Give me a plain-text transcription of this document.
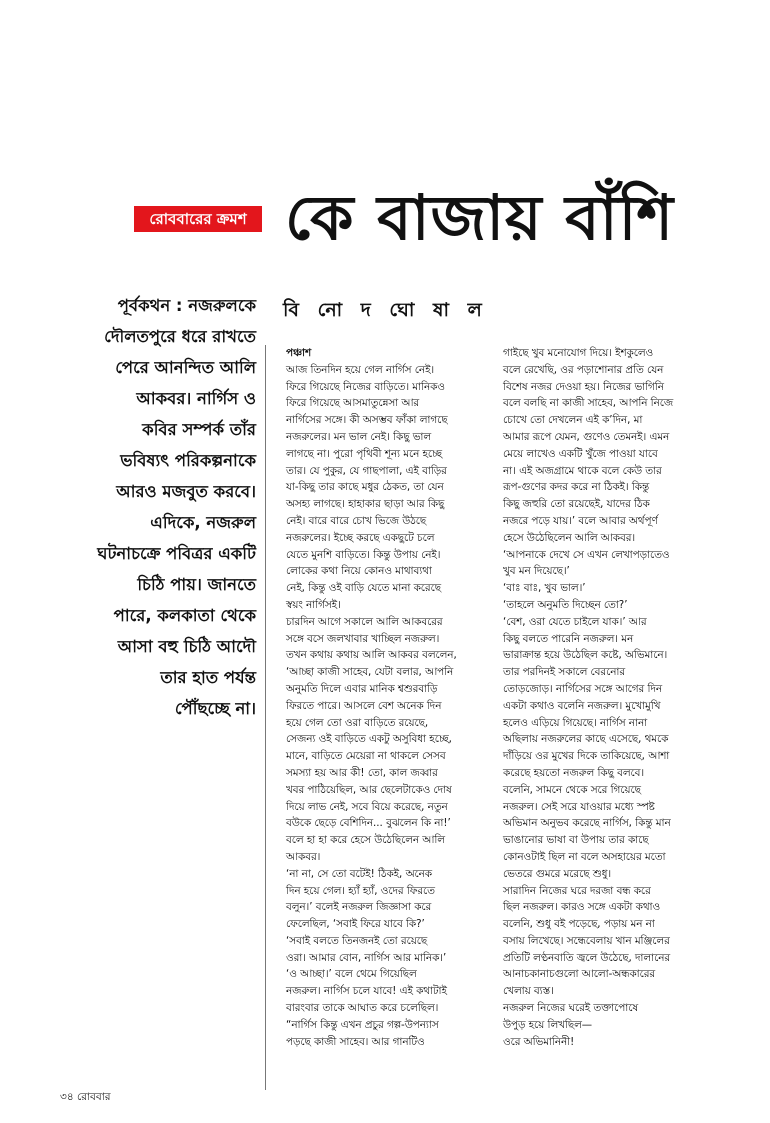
রোববারের ক্রমশ কে বাজায় বাঁশি
বি নো দ ঘো ষা ল
পূর্বকথন : নজরুলকে
দৌলতপুরে ধরে রাখতে
পেরে আনন্দিত আলি
আকবর। নার্গিস ও
কবির সম্পর্ক তাঁর
ভবিষ্যৎ পরিকল্পনাকে
আরও মজবুত করবে।
এদিকে, নজরুল
ঘটনাচক্রে পবিত্রর একটি
চিঠি পায়। জানতে
পারে, কলকাতা থেকে
আসা বহু চিঠি আদৌ
তার হাত পর্যন্ত
পৌঁছচ্ছে না।
পঞ্চাশ
আজ তিনদিন হয়ে গেল নার্গিস নেই।
ফিরে গিয়েছে নিজের বাড়িতে। মানিকও
ফিরে গিয়েছে আসমাতুন্নেসা আর
নার্গিসের সঙ্গে। কী অসম্ভব ফাঁকা লাগছে
নজরুলের। মন ভাল নেই। কিছু ভাল
লাগছে না। পুরো পৃথিবী শূন্য মনে হচ্ছে
তার। যে পুকুর, যে গাছপালা, এই বাড়ির
যা-কিছু তার কাছে মধুর ঠেকত, তা যেন
অসহ্য লাগছে। হাহাকার ছাড়া আর কিছু
নেই। বারে বারে চোখ ভিজে উঠছে
নজরুলের। ইচ্ছে করছে একছুটে চলে
যেতে মুনশি বাড়িতে। কিন্তু উপায় নেই।
লোকের কথা নিয়ে কোনও মাথাব্যথা
নেই, কিন্তু ওই বাড়ি যেতে মানা করেছে
স্বয়ং নার্গিসই।
চারদিন আগে সকালে আলি আকবরের
সঙ্গে বসে জলখাবার খাচ্ছিল নজরুল।
তখন কথায় কথায় আলি আকবর বললেন,
‘আচ্ছা কাজী সাহেব, যেটা বলার, আপনি
অনুমতি দিলে এবার মানিক শ্বশুরবাড়ি
ফিরতে পারে। আসলে বেশ অনেক দিন
হয়ে গেল তো ওরা বাড়িতে রয়েছে,
সেজন্য ওই বাড়িতে একটু অসুবিধা হচ্ছে,
মানে, বাড়িতে মেয়েরা না থাকলে সেসব
সমস্যা হয় আর কী! তো, কাল জব্বার
খবর পাঠিয়েছিল, আর ছেলেটাকেও দোষ
দিয়ে লাভ নেই, সবে বিয়ে করেছে, নতুন
বউকে ছেড়ে বেশিদিন... বুঝলেন কি না!’
বলে হা হা করে হেসে উঠেছিলেন আলি
আকবর।
‘না না, সে তো বটেই! ঠিকই, অনেক
দিন হয়ে গেল। হ্যাঁ হ্যাঁ, ওদের ফিরতে
বলুন।’ বলেই নজরুল জিজ্ঞাসা করে
ফেলেছিল, ‘সবাই ফিরে যাবে কি?’
‘সবাই বলতে তিনজনই তো রয়েছে
ওরা। আমার বোন, নার্গিস আর মানিক।’
‘ও আচ্ছা।’ বলে থেমে গিয়েছিল
নজরুল। নার্গিস চলে যাবে! এই কথাটাই
বারংবার তাকে আঘাত করে চলেছিল।
“নার্গিস কিন্তু এখন প্রচুর গল্প-উপন্যাস
পড়ছে কাজী সাহেব। আর গানটিও
গাইছে খুব মনোযোগ দিয়ে। ইশকুলেও
বলে রেখেছি, ওর পড়াশোনার প্রতি যেন
বিশেষ নজর দেওয়া হয়। নিজের ভাগিনি
বলে বলছি না কাজী সাহেব, আপনি নিজে
চোখে তো দেখলেন এই ক’দিন, মা
আমার রূপে যেমন, গুণেও তেমনই। এমন
মেয়ে লাখেও একটি খুঁজে পাওয়া যাবে
না। এই অজগ্রামে থাকে বলে কেউ তার
রূপ-গুণের কদর করে না ঠিকই। কিন্তু
কিছু জহুরি তো রয়েছেই, যাদের ঠিক
নজরে পড়ে যায়।’ বলে আবার অর্থপূর্ণ
হেসে উঠেছিলেন আলি আকবর।
‘আপনাকে দেখে সে এখন লেখাপড়াতেও
খুব মন দিয়েছে।’
‘বাঃ বাঃ, খুব ভাল।’
‘তাহলে অনুমতি দিচ্ছেন তো?’
‘বেশ, ওরা যেতে চাইলে যাক।’ আর
কিছু বলতে পারেনি নজরুল। মন
ভারাক্রান্ত হয়ে উঠেছিল কষ্টে, অভিমানে।
তার পরদিনই সকালে বেরনোর
তোড়জোড়। নার্গিসের সঙ্গে আগের দিন
একটা কথাও বলেনি নজরুল। মুখোমুখি
হলেও এড়িয়ে গিয়েছে। নার্গিস নানা
অছিলায় নজরুলের কাছে এসেছে, থমকে
দাঁড়িয়ে ওর মুখের দিকে তাকিয়েছে, আশা
করেছে হয়তো নজরুল কিছু বলবে।
বলেনি, সামনে থেকে সরে গিয়েছে
নজরুল। সেই সরে যাওয়ার মধ্যে স্পষ্ট
অভিমান অনুভব করেছে নার্গিস, কিন্তু মান
ভাঙানোর ভাষা বা উপায় তার কাছে
কোনওটাই ছিল না বলে অসহায়ের মতো
ভেতরে গুমরে মরেছে শুধু।
সারাদিন নিজের ঘরে দরজা বন্ধ করে
ছিল নজরুল। কারও সঙ্গে একটা কথাও
বলেনি, শুধু বই পড়েছে, পড়ায় মন না
বসায় লিখেছে। সন্ধেবেলায় খান মঞ্জিলের
প্রতিটি লণ্ঠনবাতি জ্বলে উঠেছে, দালানের
আনাচকানাচগুলো আলো-অন্ধকারের
খেলায় ব্যস্ত।
নজরুল নিজের ঘরেই তক্তাপোষে
উপুড় হয়ে লিখছিল—
ওরে অভিমানিনী!
৩৪ রোববার
